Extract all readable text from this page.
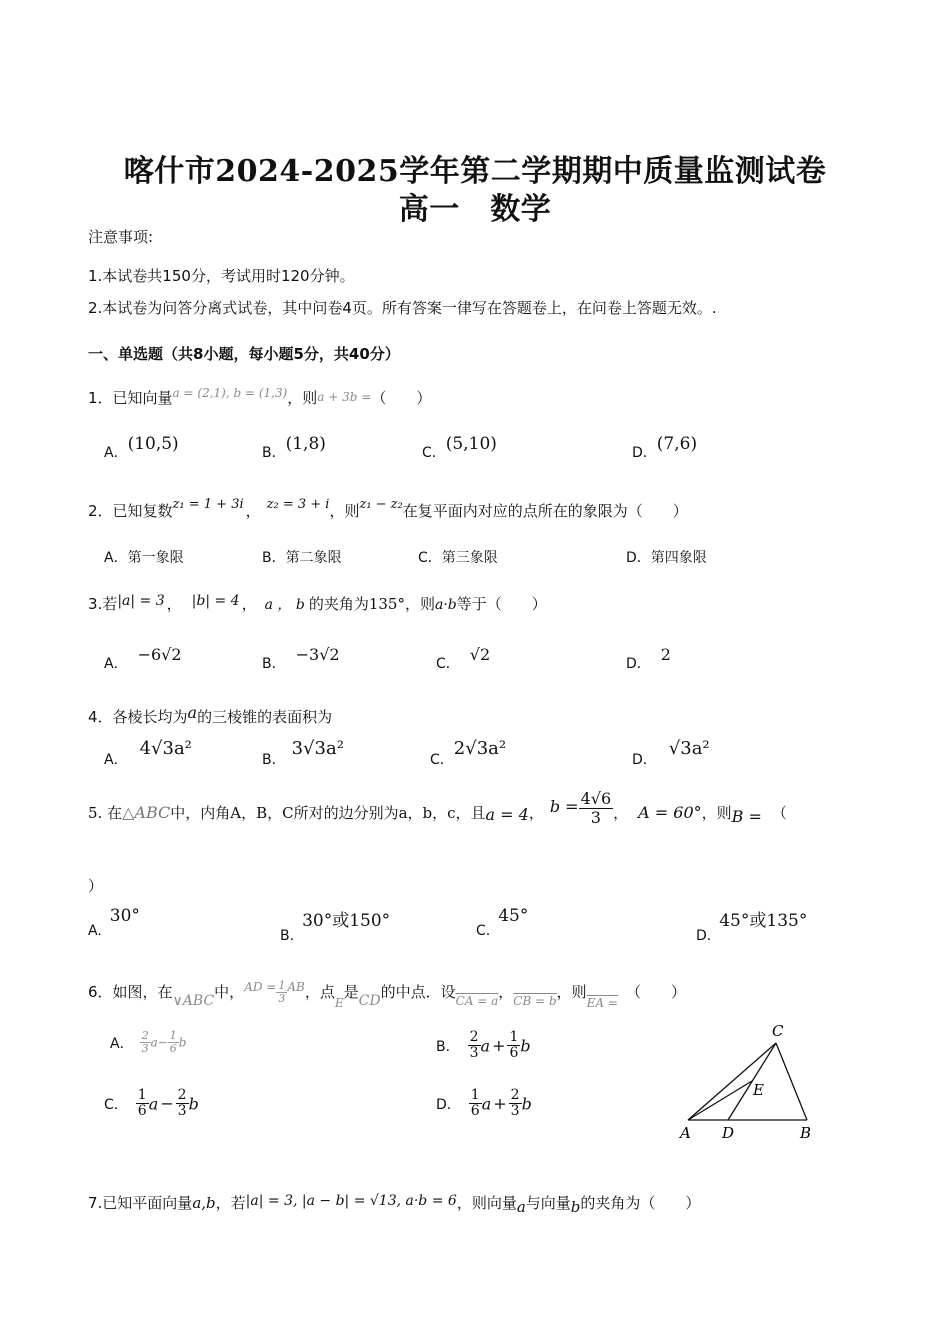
喀什市2024-2025学年第二学期期中质量监测试卷
高一　数学
注意事项:
1.本试卷共150分，考试用时120分钟。
2.本试卷为问答分离式试卷，其中问卷4页。所有答案一律写在答题卷上，在问卷上答题无效。.
一、单选题（共8小题，每小题5分，共40分）
1．已知向量$^{a = (2,1), b = (1,3)}$，则a + 3b =（　　）
A．(10,5)	B．(1,8)	C．(5,10)	D．(7,6)
2．已知复数z₁ = 1 + 3i ， z₂ = 3 + i，则z₁ − z₂在复平面内对应的点所在的象限为（　　）
A．第一象限	B．第二象限	C．第三象限	D．第四象限
3.若|a| = 3 ， |b| = 4 ， a ， b 的夹角为135°，则a·b等于（　　）
A． −6√2	B． −3√2	C． √2	D． 2
4．各棱长均为a的三棱锥的表面积为
A．4√3a²
B．3√3a²
C．2√3a²
D．√3a²
5. 在△ABC中，内角A，B，C所对的边分别为a，b，c，且a = 4， $b = \frac{4√6}{3}$ ， A = 60°，则B = （
）
A.30°
B.30°或150°	C.45°
D.45°或135°
6．如图，在∨ABC中，$^{AD =} \frac{1}{3} ^{AB}$，点$_E$是CD的中点．设$_{CA = a}$，$_{CB = b}$，则$_{EA =}$（　　）
A． $\frac{2}{3} a- \frac{1}{6}$ b	B． $\frac{2}{3}$ $a + \frac{1}{6}$ b
C． $\frac{1}{6}$ $a - \frac{2}{3}$ b	D． $\frac{1}{6}$ $a + \frac{2}{3}$ b
C
E
A D	B
7.已知平面向量a,b，若|a| = 3, |a − b| = √13, a·b = 6，则向量a与向量b的夹角为（　　）
